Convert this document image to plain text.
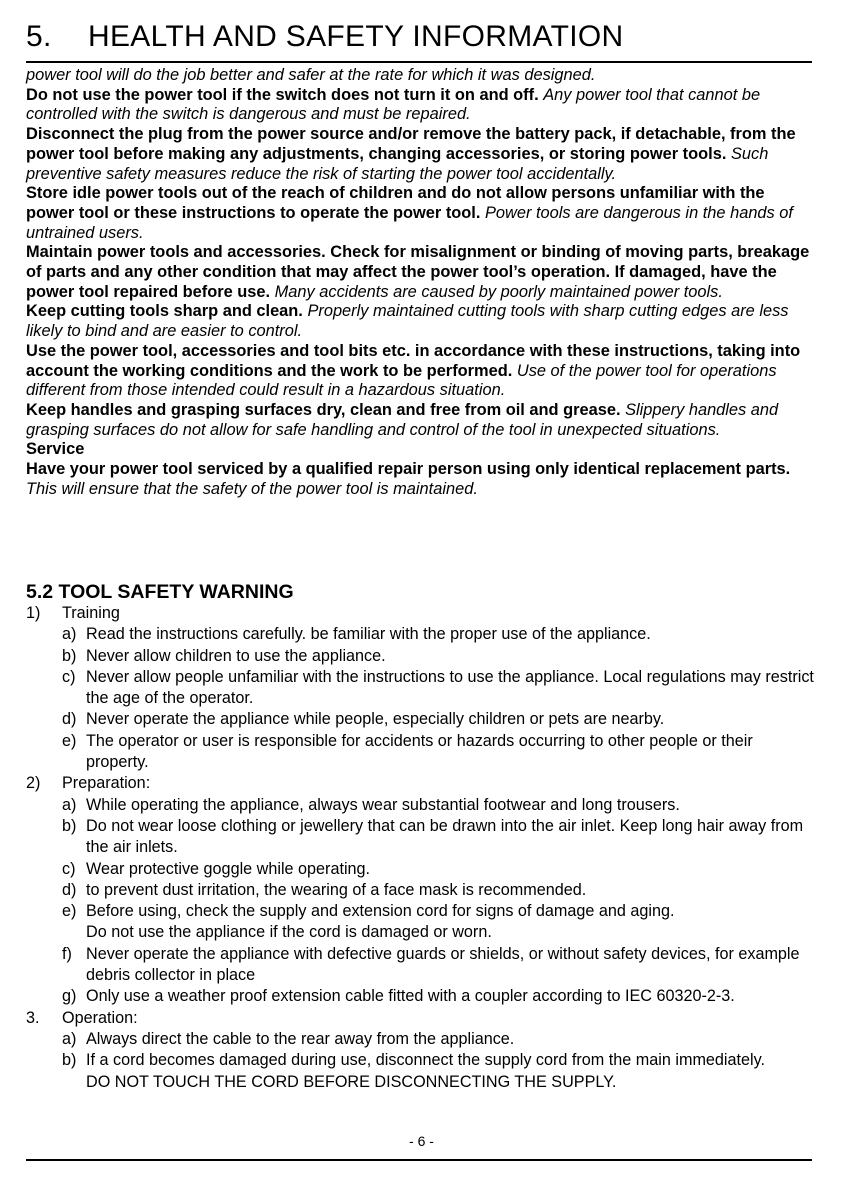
5. HEALTH AND SAFETY INFORMATION

power tool will do the job better and safer at the rate for which it was designed.

Do not use the power tool if the switch does not turn it on and off. Any power tool that cannot be controlled with the switch is dangerous and must be repaired.

Disconnect the plug from the power source and/or remove the battery pack, if detachable, from the power tool before making any adjustments, changing accessories, or storing power tools. Such preventive safety measures reduce the risk of starting the power tool accidentally.

Store idle power tools out of the reach of children and do not allow persons unfamiliar with the power tool or these instructions to operate the power tool. Power tools are dangerous in the hands of untrained users.

Maintain power tools and accessories. Check for misalignment or binding of moving parts, breakage of parts and any other condition that may affect the power tool’s operation. If damaged, have the power tool repaired before use. Many accidents are caused by poorly maintained power tools.

Keep cutting tools sharp and clean. Properly maintained cutting tools with sharp cutting edges are less likely to bind and are easier to control.

Use the power tool, accessories and tool bits etc. in accordance with these instructions, taking into account the working conditions and the work to be performed. Use of the power tool for operations different from those intended could result in a hazardous situation.

Keep handles and grasping surfaces dry, clean and free from oil and grease. Slippery handles and grasping surfaces do not allow for safe handling and control of the tool in unexpected situations.

Service

Have your power tool serviced by a qualified repair person using only identical replacement parts. This will ensure that the safety of the power tool is maintained.

5.2 TOOL SAFETY WARNING
1) Training
a) Read the instructions carefully. be familiar with the proper use of the appliance.
b) Never allow children to use the appliance.
c) Never allow people unfamiliar with the instructions to use the appliance. Local regulations may restrict the age of the operator.
d) Never operate the appliance while people, especially children or pets are nearby.
e) The operator or user is responsible for accidents or hazards occurring to other people or their property.
2) Preparation:
a) While operating the appliance, always wear substantial footwear and long trousers.
b) Do not wear loose clothing or jewellery that can be drawn into the air inlet. Keep long hair away from the air inlets.
c) Wear protective goggle while operating.
d) to prevent dust irritation, the wearing of a face mask is recommended.
e) Before using, check the supply and extension cord for signs of damage and aging.
Do not use the appliance if the cord is damaged or worn.
f) Never operate the appliance with defective guards or shields, or without safety devices, for example debris collector in place
g) Only use a weather proof extension cable fitted with a coupler according to IEC 60320-2-3.
3. Operation:
a) Always direct the cable to the rear away from the appliance.
b) If a cord becomes damaged during use, disconnect the supply cord from the main immediately.
DO NOT TOUCH THE CORD BEFORE DISCONNECTING THE SUPPLY.
- 6 -
